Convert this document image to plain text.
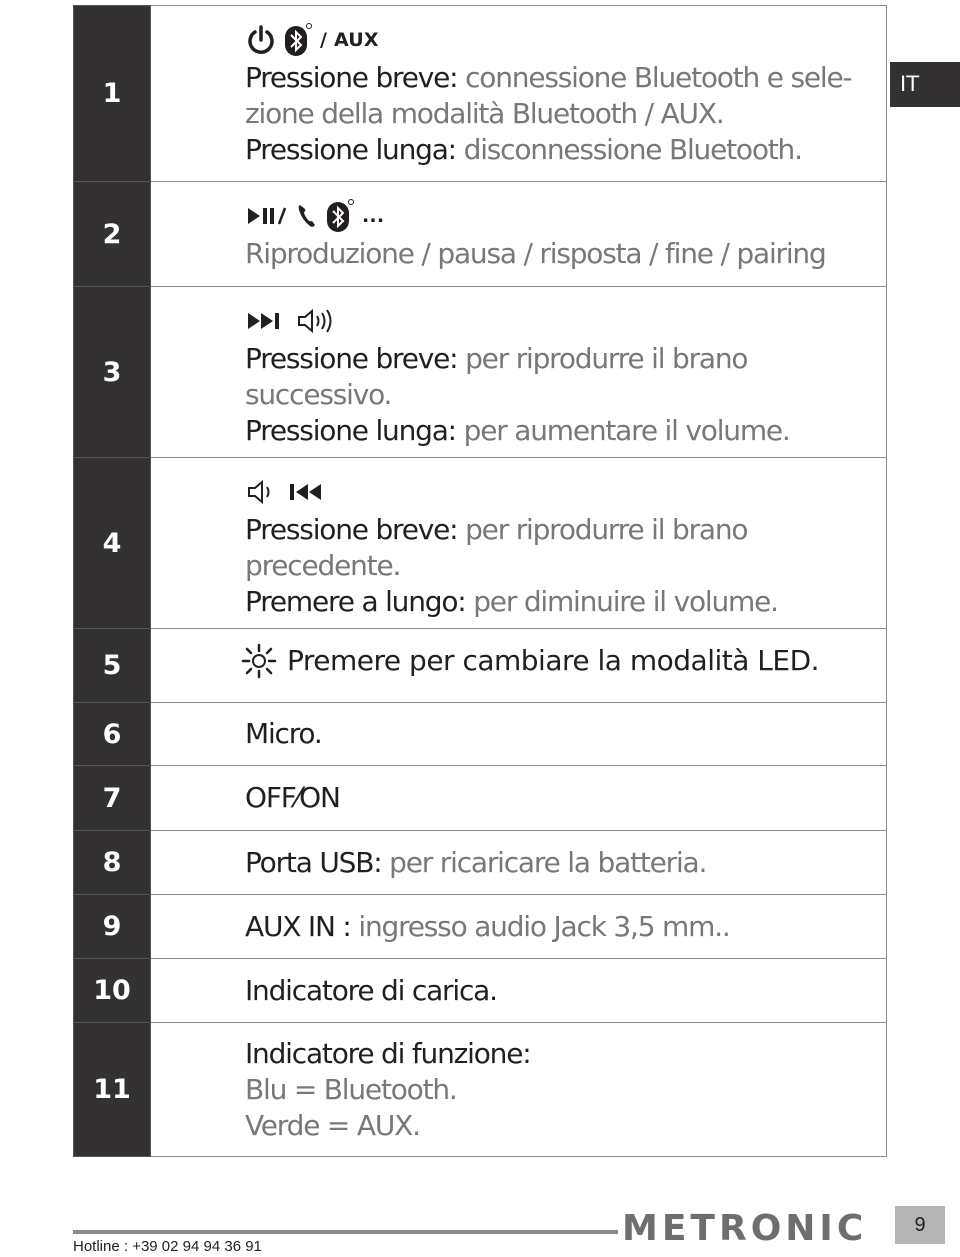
IT
1	/ AUX
Pressione breve: connessione Bluetooth e sele-
zione della modalità Bluetooth / AUX.
Pressione lunga: disconnessione Bluetooth.

2	...
Riproduzione / pausa / risposta / fine / pairing

3	Pressione breve: per riprodurre il brano successivo.
Pressione lunga: per aumentare il volume.

4	Pressione breve: per riprodurre il brano precedente.
Premere a lungo: per diminuire il volume.

5	Premere per cambiare la modalità LED.

6	Micro.
7	OFF⁄ON
8	Porta USB: per ricaricare la batteria.
9	AUX IN : ingresso audio Jack 3,5 mm..
10	Indicatore di carica.
11	Indicatore di funzione:
Blu = Bluetooth.
Verde = AUX.
Hotline : +39 02 94 94 36 91	METRONIC	9
